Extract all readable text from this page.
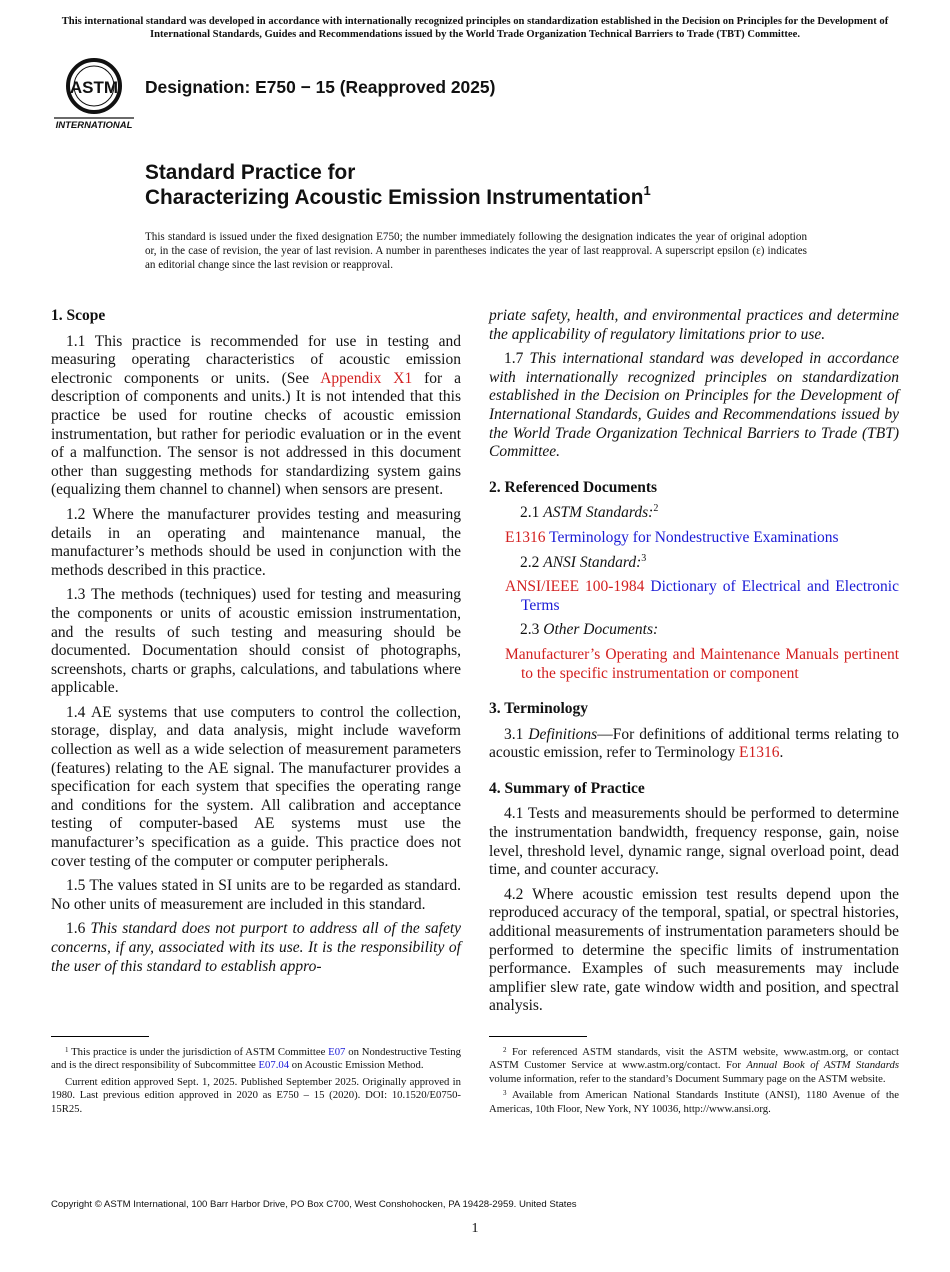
This international standard was developed in accordance with internationally recognized principles on standardization established in the Decision on Principles for the Development of International Standards, Guides and Recommendations issued by the World Trade Organization Technical Barriers to Trade (TBT) Committee.
ASTM
INTERNATIONAL
Designation: E750 − 15 (Reapproved 2025)
Standard Practice for
Characterizing Acoustic Emission Instrumentation$^1$
This standard is issued under the fixed designation E750; the number immediately following the designation indicates the year of original adoption or, in the case of revision, the year of last revision. A number in parentheses indicates the year of last reapproval. A superscript epsilon (ε) indicates an editorial change since the last revision or reapproval.
1. Scope

1.1 This practice is recommended for use in testing and measuring operating characteristics of acoustic emission electronic components or units. (See Appendix X1 for a description of components and units.) It is not intended that this practice be used for routine checks of acoustic emission instrumentation, but rather for periodic evaluation or in the event of a malfunction. The sensor is not addressed in this document other than suggesting methods for standardizing system gains (equalizing them channel to channel) when sensors are present.

1.2 Where the manufacturer provides testing and measuring details in an operating and maintenance manual, the manufacturer’s methods should be used in conjunction with the methods described in this practice.

1.3 The methods (techniques) used for testing and measuring the components or units of acoustic emission instrumentation, and the results of such testing and measuring should be documented. Documentation should consist of photographs, screenshots, charts or graphs, calculations, and tabulations where applicable.

1.4 AE systems that use computers to control the collection, storage, display, and data analysis, might include waveform collection as well as a wide selection of measurement parameters (features) relating to the AE signal. The manufacturer provides a specification for each system that specifies the operating range and conditions for the system. All calibration and acceptance testing of computer-based AE systems must use the manufacturer’s specification as a guide. This practice does not cover testing of the computer or computer peripherals.

1.5 The values stated in SI units are to be regarded as standard. No other units of measurement are included in this standard.

1.6 This standard does not purport to address all of the safety concerns, if any, associated with its use. It is the responsibility of the user of this standard to establish appro-

priate safety, health, and environmental practices and determine the applicability of regulatory limitations prior to use.

1.7 This international standard was developed in accordance with internationally recognized principles on standardization established in the Decision on Principles for the Development of International Standards, Guides and Recommendations issued by the World Trade Organization Technical Barriers to Trade (TBT) Committee.

2. Referenced Documents

2.1 ASTM Standards:$^2$

E1316 Terminology for Nondestructive Examinations

2.2 ANSI Standard:$^3$

ANSI/IEEE 100-1984 Dictionary of Electrical and Electronic Terms

2.3 Other Documents:

Manufacturer’s Operating and Maintenance Manuals pertinent to the specific instrumentation or component
3. Terminology

3.1 Definitions—For definitions of additional terms relating to acoustic emission, refer to Terminology E1316.

4. Summary of Practice

4.1 Tests and measurements should be performed to determine the instrumentation bandwidth, frequency response, gain, noise level, threshold level, dynamic range, signal overload point, dead time, and counter accuracy.

4.2 Where acoustic emission test results depend upon the reproduced accuracy of the temporal, spatial, or spectral histories, additional measurements of instrumentation parameters should be performed to determine the specific limits of instrumentation performance. Examples of such measurements may include amplifier slew rate, gate window width and position, and spectral analysis.

$^1$ This practice is under the jurisdiction of ASTM Committee E07 on Nondestructive Testing and is the direct responsibility of Subcommittee E07.04 on Acoustic Emission Method.

Current edition approved Sept. 1, 2025. Published September 2025. Originally approved in 1980. Last previous edition approved in 2020 as E750 – 15 (2020). DOI: 10.1520/E0750-15R25.

$^2$ For referenced ASTM standards, visit the ASTM website, www.astm.org, or contact ASTM Customer Service at www.astm.org/contact. For Annual Book of ASTM Standards volume information, refer to the standard’s Document Summary page on the ASTM website.

$^3$ Available from American National Standards Institute (ANSI), 1180 Avenue of the Americas, 10th Floor, New York, NY 10036, http://www.ansi.org.

Copyright © ASTM International, 100 Barr Harbor Drive, PO Box C700, West Conshohocken, PA 19428-2959. United States
1
